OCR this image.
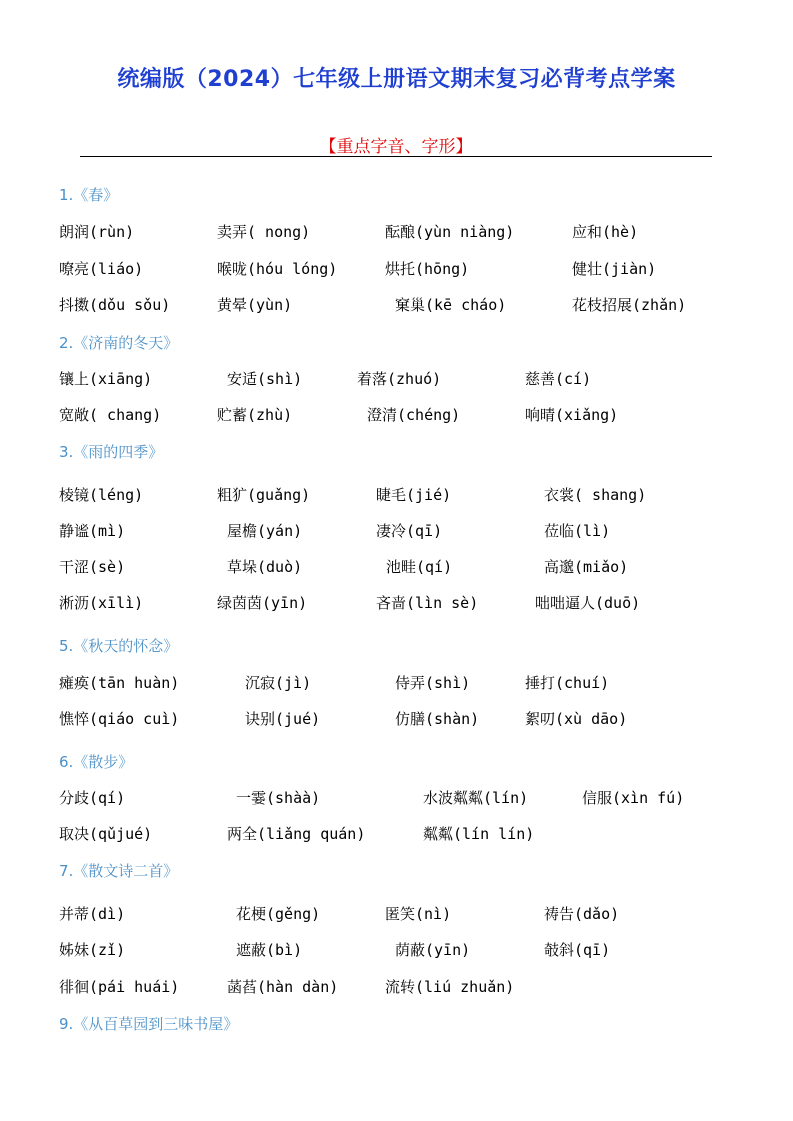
统编版（2024）七年级上册语文期末复习必背考点学案
【重点字音、字形】
1.《春》
朗润(rùn)	卖弄( nong)	酝酿(yùn niàng)	应和(hè)
嘹亮(liáo)	喉咙(hóu lóng)	烘托(hōng)	健壮(jiàn)
抖擞(dǒu sǒu)	黄晕(yùn)	窠巢(kē cháo)	花枝招展(zhǎn)
2.《济南的冬天》
镶上(xiāng)	安适(shì)	着落(zhuó)	慈善(cí)
宽敞( chang)	贮蓄(zhù)	澄清(chéng)	响晴(xiǎng)
3.《雨的四季》
棱镜(léng)	粗犷(guǎng)	睫毛(jié)	衣裳( shang)
静谧(mì)	屋檐(yán)	凄冷(qī)	莅临(lì)
干涩(sè)	草垛(duò)	池畦(qí)	高邈(miǎo)
淅沥(xīlì)	绿茵茵(yīn)	吝啬(lìn sè)	咄咄逼人(duō)
5.《秋天的怀念》
瘫痪(tān huàn)	沉寂(jì)	侍弄(shì)	捶打(chuí)
憔悴(qiáo cuì)	诀别(jué)	仿膳(shàn)	絮叨(xù dāo)
6.《散步》
分歧(qí)	一霎(shàà)	水波粼粼(lín)	信服(xìn fú)
取决(qǔjué)	两全(liǎng quán)	粼粼(lín lín)
7.《散文诗二首》
并蒂(dì)	花梗(gěng)	匿笑(nì)	祷告(dǎo)
姊妹(zǐ)	遮蔽(bì)	荫蔽(yīn)	攲斜(qī)
徘徊(pái huái)	菡萏(hàn dàn)	流转(liú zhuǎn)
9.《从百草园到三味书屋》
